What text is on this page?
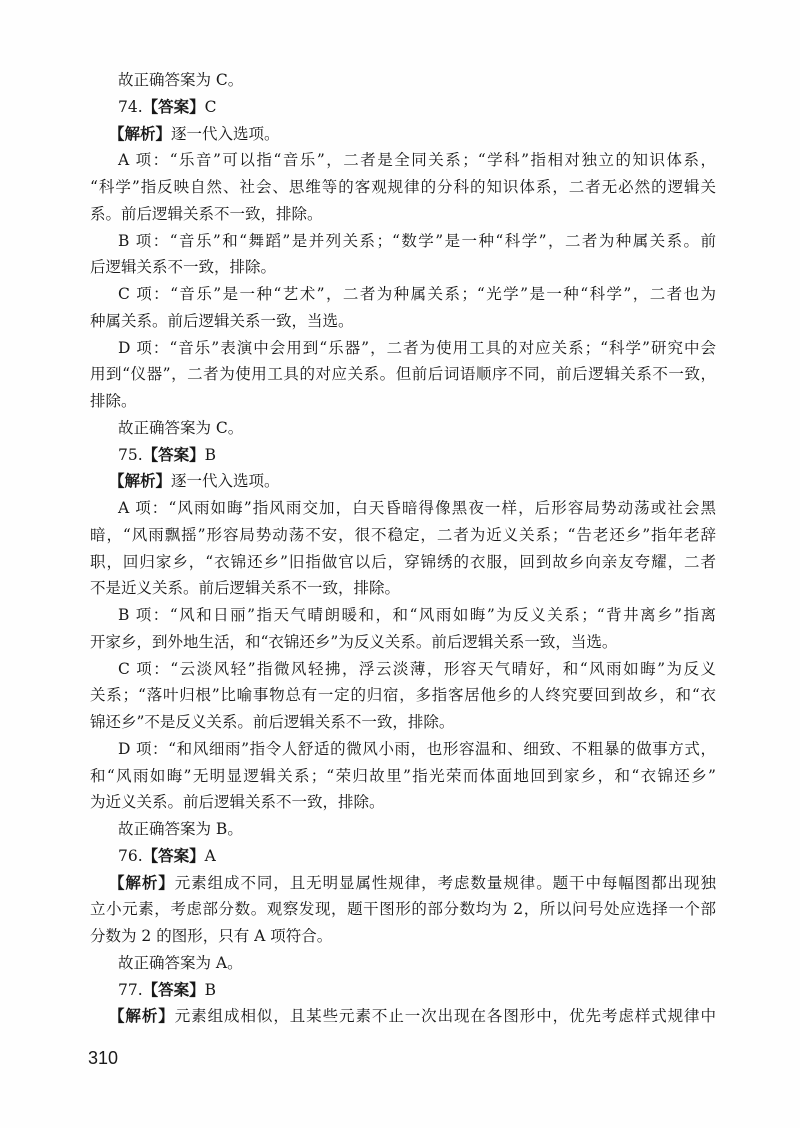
故正确答案为 C。
74.【答案】C
【解析】逐一代入选项。
A 项：“乐音”可以指“音乐”，二者是全同关系；“学科”指相对独立的知识体系，
“科学”指反映自然、社会、思维等的客观规律的分科的知识体系，二者无必然的逻辑关
系。前后逻辑关系不一致，排除。
B 项：“音乐”和“舞蹈”是并列关系；“数学”是一种“科学”，二者为种属关系。前
后逻辑关系不一致，排除。
C 项：“音乐”是一种“艺术”，二者为种属关系；“光学”是一种“科学”，二者也为
种属关系。前后逻辑关系一致，当选。
D 项：“音乐”表演中会用到“乐器”，二者为使用工具的对应关系；“科学”研究中会
用到“仪器”，二者为使用工具的对应关系。但前后词语顺序不同，前后逻辑关系不一致，
排除。
故正确答案为 C。
75.【答案】B
【解析】逐一代入选项。
A 项：“风雨如晦”指风雨交加，白天昏暗得像黑夜一样，后形容局势动荡或社会黑
暗，“风雨飘摇”形容局势动荡不安，很不稳定，二者为近义关系；“告老还乡”指年老辞
职，回归家乡，“衣锦还乡”旧指做官以后，穿锦绣的衣服，回到故乡向亲友夸耀，二者
不是近义关系。前后逻辑关系不一致，排除。
B 项：“风和日丽”指天气晴朗暖和，和“风雨如晦”为反义关系；“背井离乡”指离
开家乡，到外地生活，和“衣锦还乡”为反义关系。前后逻辑关系一致，当选。
C 项：“云淡风轻”指微风轻拂，浮云淡薄，形容天气晴好，和“风雨如晦”为反义
关系；“落叶归根”比喻事物总有一定的归宿，多指客居他乡的人终究要回到故乡，和“衣
锦还乡”不是反义关系。前后逻辑关系不一致，排除。
D 项：“和风细雨”指令人舒适的微风小雨，也形容温和、细致、不粗暴的做事方式，
和“风雨如晦”无明显逻辑关系；“荣归故里”指光荣而体面地回到家乡，和“衣锦还乡”
为近义关系。前后逻辑关系不一致，排除。
故正确答案为 B。
76.【答案】A
【解析】元素组成不同，且无明显属性规律，考虑数量规律。题干中每幅图都出现独
立小元素，考虑部分数。观察发现，题干图形的部分数均为 2，所以问号处应选择一个部
分数为 2 的图形，只有 A 项符合。
故正确答案为 A。
77.【答案】B
【解析】元素组成相似，且某些元素不止一次出现在各图形中，优先考虑样式规律中
310
